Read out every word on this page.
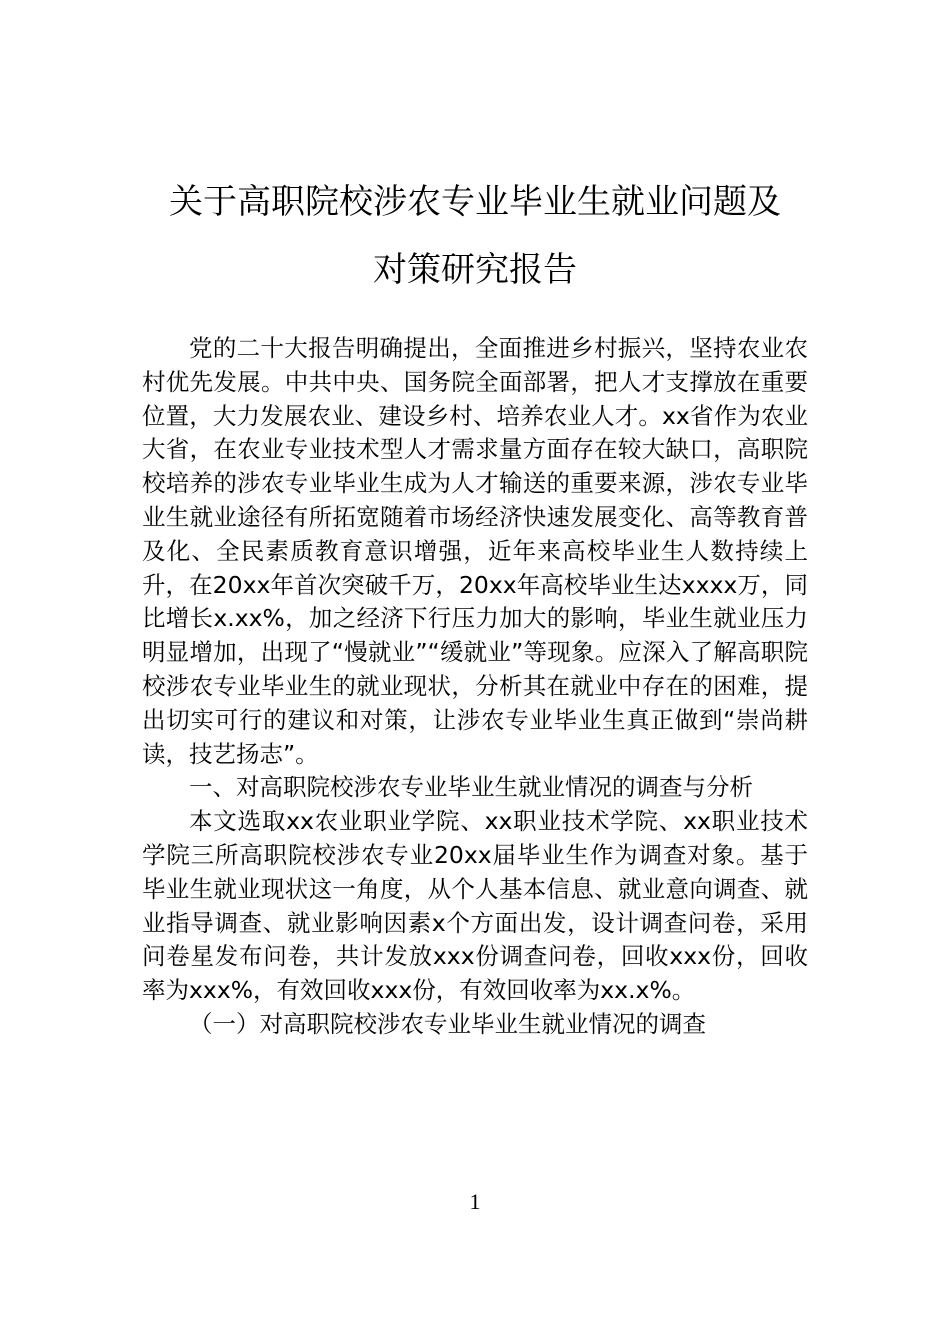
关于高职院校涉农专业毕业生就业问题及
对策研究报告

党的二十大报告明确提出，全面推进乡村振兴，坚持农业农村优先发展。中共中央、国务院全面部署，把人才支撑放在重要位置，大力发展农业、建设乡村、培养农业人才。xx省作为农业大省，在农业专业技术型人才需求量方面存在较大缺口，高职院校培养的涉农专业毕业生成为人才输送的重要来源，涉农专业毕业生就业途径有所拓宽随着市场经济快速发展变化、高等教育普及化、全民素质教育意识增强，近年来高校毕业生人数持续上升，在20xx年首次突破千万，20xx年高校毕业生达xxxx万，同比增长x.xx%，加之经济下行压力加大的影响，毕业生就业压力明显增加，出现了“慢就业”“缓就业”等现象。应深入了解高职院校涉农专业毕业生的就业现状，分析其在就业中存在的困难，提出切实可行的建议和对策，让涉农专业毕业生真正做到“崇尚耕读，技艺扬志”。

一、对高职院校涉农专业毕业生就业情况的调查与分析

本文选取xx农业职业学院、xx职业技术学院、xx职业技术学院三所高职院校涉农专业20xx届毕业生作为调查对象。基于毕业生就业现状这一角度，从个人基本信息、就业意向调查、就业指导调查、就业影响因素x个方面出发，设计调查问卷，采用问卷星发布问卷，共计发放xxx份调查问卷，回收xxx份，回收率为xxx%，有效回收xxx份，有效回收率为xx.x%。

（一）对高职院校涉农专业毕业生就业情况的调查

1
